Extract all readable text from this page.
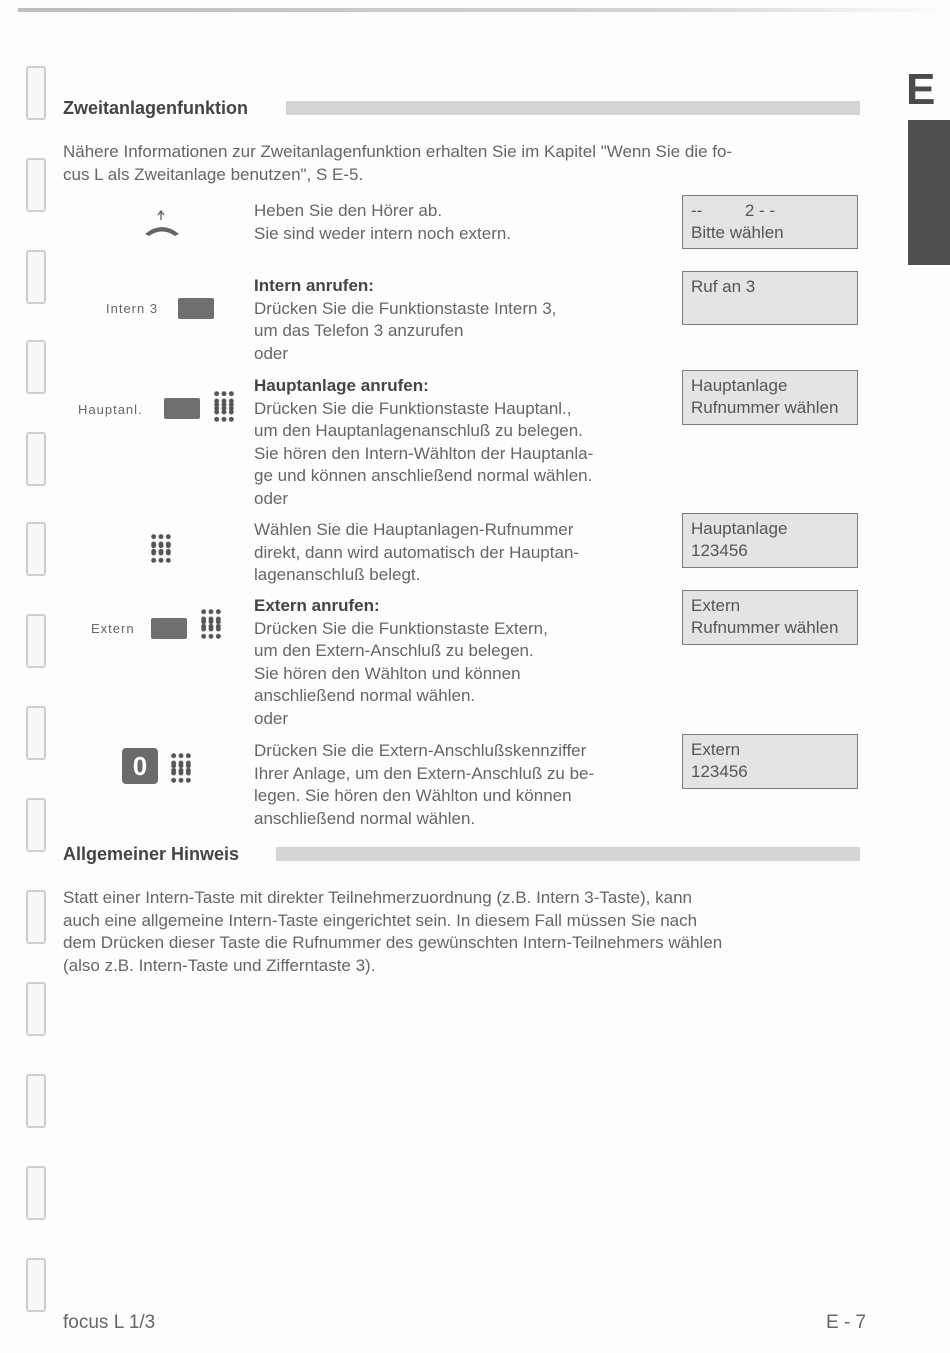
E
Zweitanlagenfunktion
Nähere Informationen zur Zweitanlagenfunktion erhalten Sie im Kapitel "Wenn Sie die fo-
cus L als Zweitanlage benutzen", S E-5.
Heben Sie den Hörer ab.
Sie sind weder intern noch extern.
--         2 - -
Bitte wählen
Intern 3
Intern anrufen:
Drücken Sie die Funktionstaste Intern 3,
um das Telefon 3 anzurufen
oder
Ruf an 3
Hauptanl.
Hauptanlage anrufen:
Drücken Sie die Funktionstaste Hauptanl.,
um den Hauptanlagenanschluß zu belegen.
Sie hören den Intern-Wählton der Hauptanla-
ge und können anschließend normal wählen.
oder
Hauptanlage
Rufnummer wählen
Wählen Sie die Hauptanlagen-Rufnummer
direkt, dann wird automatisch der Hauptan-
lagenanschluß belegt.
Hauptanlage
123456
Extern
Extern anrufen:
Drücken Sie die Funktionstaste Extern,
um den Extern-Anschluß zu belegen.
Sie hören den Wählton und können
anschließend normal wählen.
oder
Extern
Rufnummer wählen
0
Drücken Sie die Extern-Anschlußskennziffer
Ihrer Anlage, um den Extern-Anschluß zu be-
legen. Sie hören den Wählton und können
anschließend normal wählen.
Extern
123456
Allgemeiner Hinweis
Statt einer Intern-Taste mit direkter Teilnehmerzuordnung (z.B. Intern 3-Taste), kann
auch eine allgemeine Intern-Taste eingerichtet sein. In diesem Fall müssen Sie nach
dem Drücken dieser Taste die Rufnummer des gewünschten Intern-Teilnehmers wählen
(also z.B. Intern-Taste und Zifferntaste 3).
focus L 1/3	E - 7
